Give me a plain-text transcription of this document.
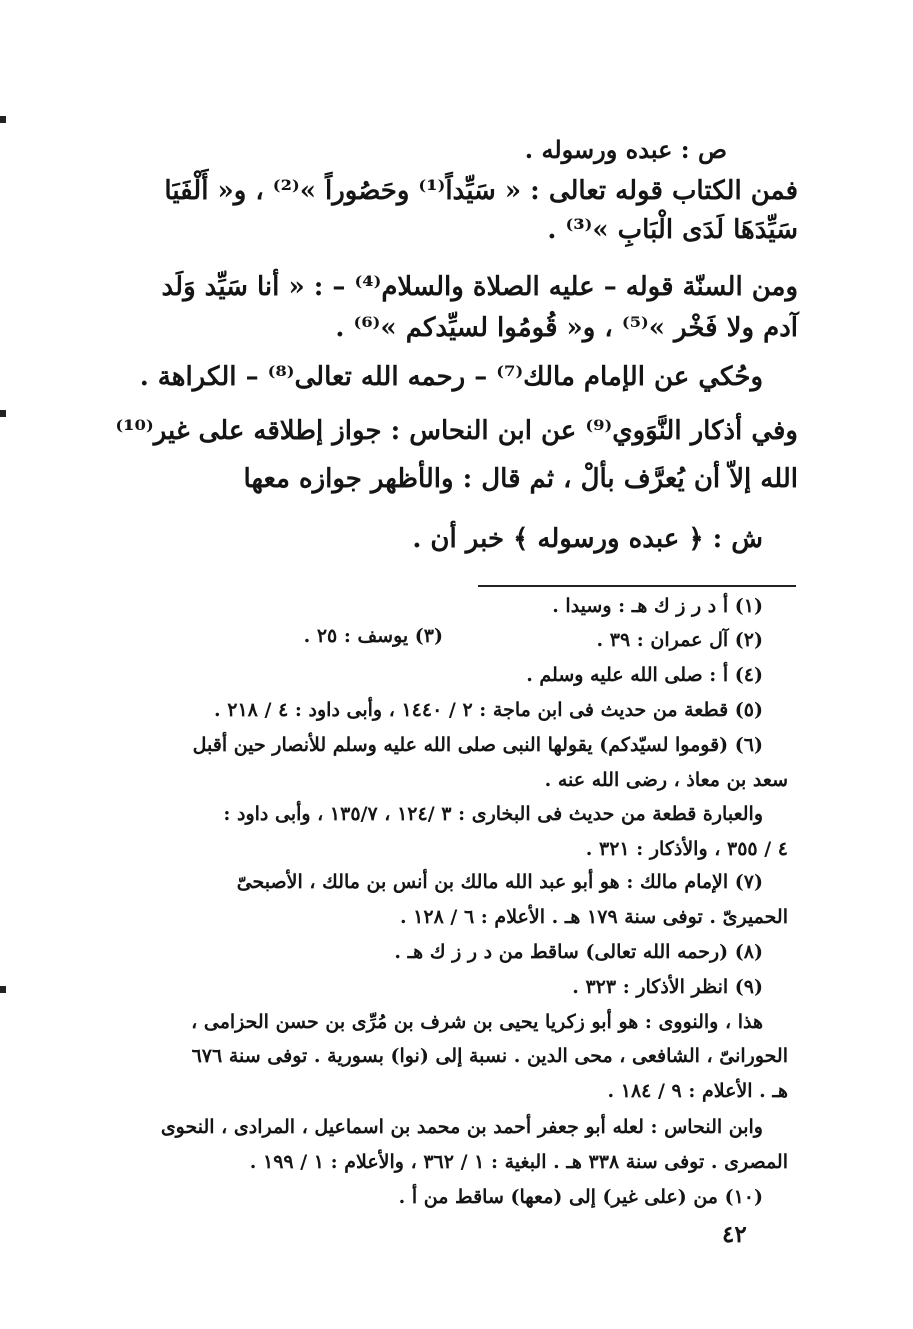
ص : عبده ورسوله .
فمن الكتاب قوله تعالى : « سَيِّداً⁽¹⁾ وحَصُوراً »⁽²⁾ ، و« أَلْفَيَا
سَيِّدَهَا لَدَى الْبَابِ »⁽³⁾ .
ومن السنّة قوله – عليه الصلاة والسلام⁽⁴⁾ – : « أنا سَيِّد وَلَد
آدم ولا فَخْر »⁽⁵⁾ ، و« قُومُوا لسيِّدكم »⁽⁶⁾ .
وحُكي عن الإمام مالك⁽⁷⁾ – رحمه الله تعالى⁽⁸⁾ – الكراهة .
وفي أذكار النَّوَوي⁽⁹⁾ عن ابن النحاس : جواز إطلاقه على غير⁽¹⁰⁾
الله إلاّ أن يُعرَّف بألْ ، ثم قال : والأظهر جوازه معها
ش : ﴿ عبده ورسوله ﴾ خبر أن .
(١) أ د ر ز ك هـ : وسيدا .
(٢) آل عمران : ٣٩ .
(٣) يوسف : ٢٥ .
(٤) أ : صلى الله عليه وسلم .
(٥) قطعة من حديث فى ابن ماجة : ٢ / ١٤٤٠ ، وأبى داود : ٤ / ٢١٨ .
(٦) (قوموا لسيّدكم) يقولها النبى صلى الله عليه وسلم للأنصار حين أقبل
سعد بن معاذ ، رضى الله عنه .
والعبارة قطعة من حديث فى البخارى : ٣ /١٢٤ ، ١٣٥/٧ ، وأبى داود :
٤ / ٣٥٥ ، والأذكار : ٣٢١ .
(٧) الإمام مالك : هو أبو عبد الله مالك بن أنس بن مالك ، الأصبحىّ
الحميرىّ . توفى سنة ١٧٩ هـ . الأعلام : ٦ / ١٢٨ .
(٨) (رحمه الله تعالى) ساقط من د ر ز ك هـ .
(٩) انظر الأذكار : ٣٢٣ .
هذا ، والنووى : هو أبو زكريا يحيى بن شرف بن مُرِّى بن حسن الحزامى ،
الحورانىّ ، الشافعى ، محى الدين . نسبة إلى (نوا) بسورية . توفى سنة ٦٧٦
هـ . الأعلام : ٩ / ١٨٤ .
وابن النحاس : لعله أبو جعفر أحمد بن محمد بن اسماعيل ، المرادى ، النحوى
المصرى . توفى سنة ٣٣٨ هـ . البغية : ١ / ٣٦٢ ، والأعلام : ١ / ١٩٩ .
(١٠) من (على غير) إلى (معها) ساقط من أ .
٤٢
